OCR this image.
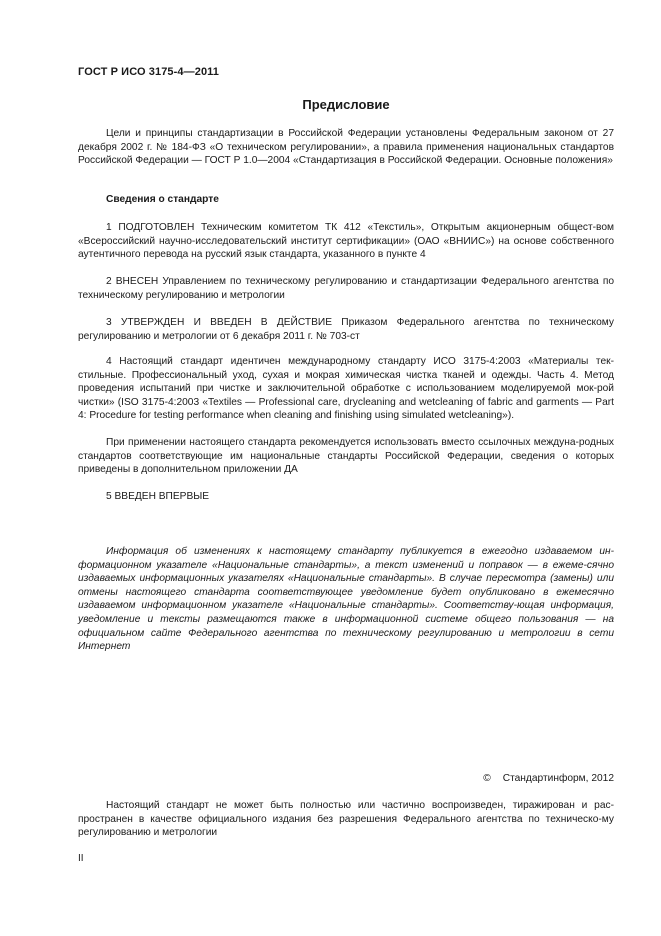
ГОСТ Р ИСО 3175-4—2011
Предисловие

Цели и принципы стандартизации в Российской Федерации установлены Федеральным законом от 27 декабря 2002 г. № 184-ФЗ «О техническом регулировании», а правила применения национальных стандартов Российской Федерации — ГОСТ Р 1.0—2004 «Стандартизация в Российской Федерации. Основные положения»

Сведения о стандарте

1 ПОДГОТОВЛЕН Техническим комитетом ТК 412 «Текстиль», Открытым акционерным общест-вом «Всероссийский научно-исследовательский институт сертификации» (ОАО «ВНИИС») на основе собственного аутентичного перевода на русский язык стандарта, указанного в пункте 4

2 ВНЕСЕН Управлением по техническому регулированию и стандартизации Федерального агентства по техническому регулированию и метрологии

3 УТВЕРЖДЕН И ВВЕДЕН В ДЕЙСТВИЕ Приказом Федерального агентства по техническому регулированию и метрологии от 6 декабря 2011 г. № 703-ст

4 Настоящий стандарт идентичен международному стандарту ИСО 3175-4:2003 «Материалы тек-стильные. Профессиональный уход, сухая и мокрая химическая чистка тканей и одежды. Часть 4. Метод проведения испытаний при чистке и заключительной обработке с использованием моделируемой мок-рой чистки» (ISO 3175-4:2003 «Textiles — Professional care, drycleaning and wetcleaning of fabric and garments — Part 4: Procedure for testing performance when cleaning and finishing using simulated wetcleaning»).

При применении настоящего стандарта рекомендуется использовать вместо ссылочных междуна-родных стандартов соответствующие им национальные стандарты Российской Федерации, сведения о которых приведены в дополнительном приложении ДА

5 ВВЕДЕН ВПЕРВЫЕ

Информация об изменениях к настоящему стандарту публикуется в ежегодно издаваемом ин-формационном указателе «Национальные стандарты», а текст изменений и поправок — в ежеме-сячно издаваемых информационных указателях «Национальные стандарты». В случае пересмотра (замены) или отмены настоящего стандарта соответствующее уведомление будет опубликовано в ежемесячно издаваемом информационном указателе «Национальные стандарты». Соответству-ющая информация, уведомление и тексты размещаются также в информационной системе общего пользования — на официальном сайте Федерального агентства по техническому регулированию и метрологии в сети Интернет

© Стандартинформ, 2012

Настоящий стандарт не может быть полностью или частично воспроизведен, тиражирован и рас-пространен в качестве официального издания без разрешения Федерального агентства по техническо-му регулированию и метрологии

II
